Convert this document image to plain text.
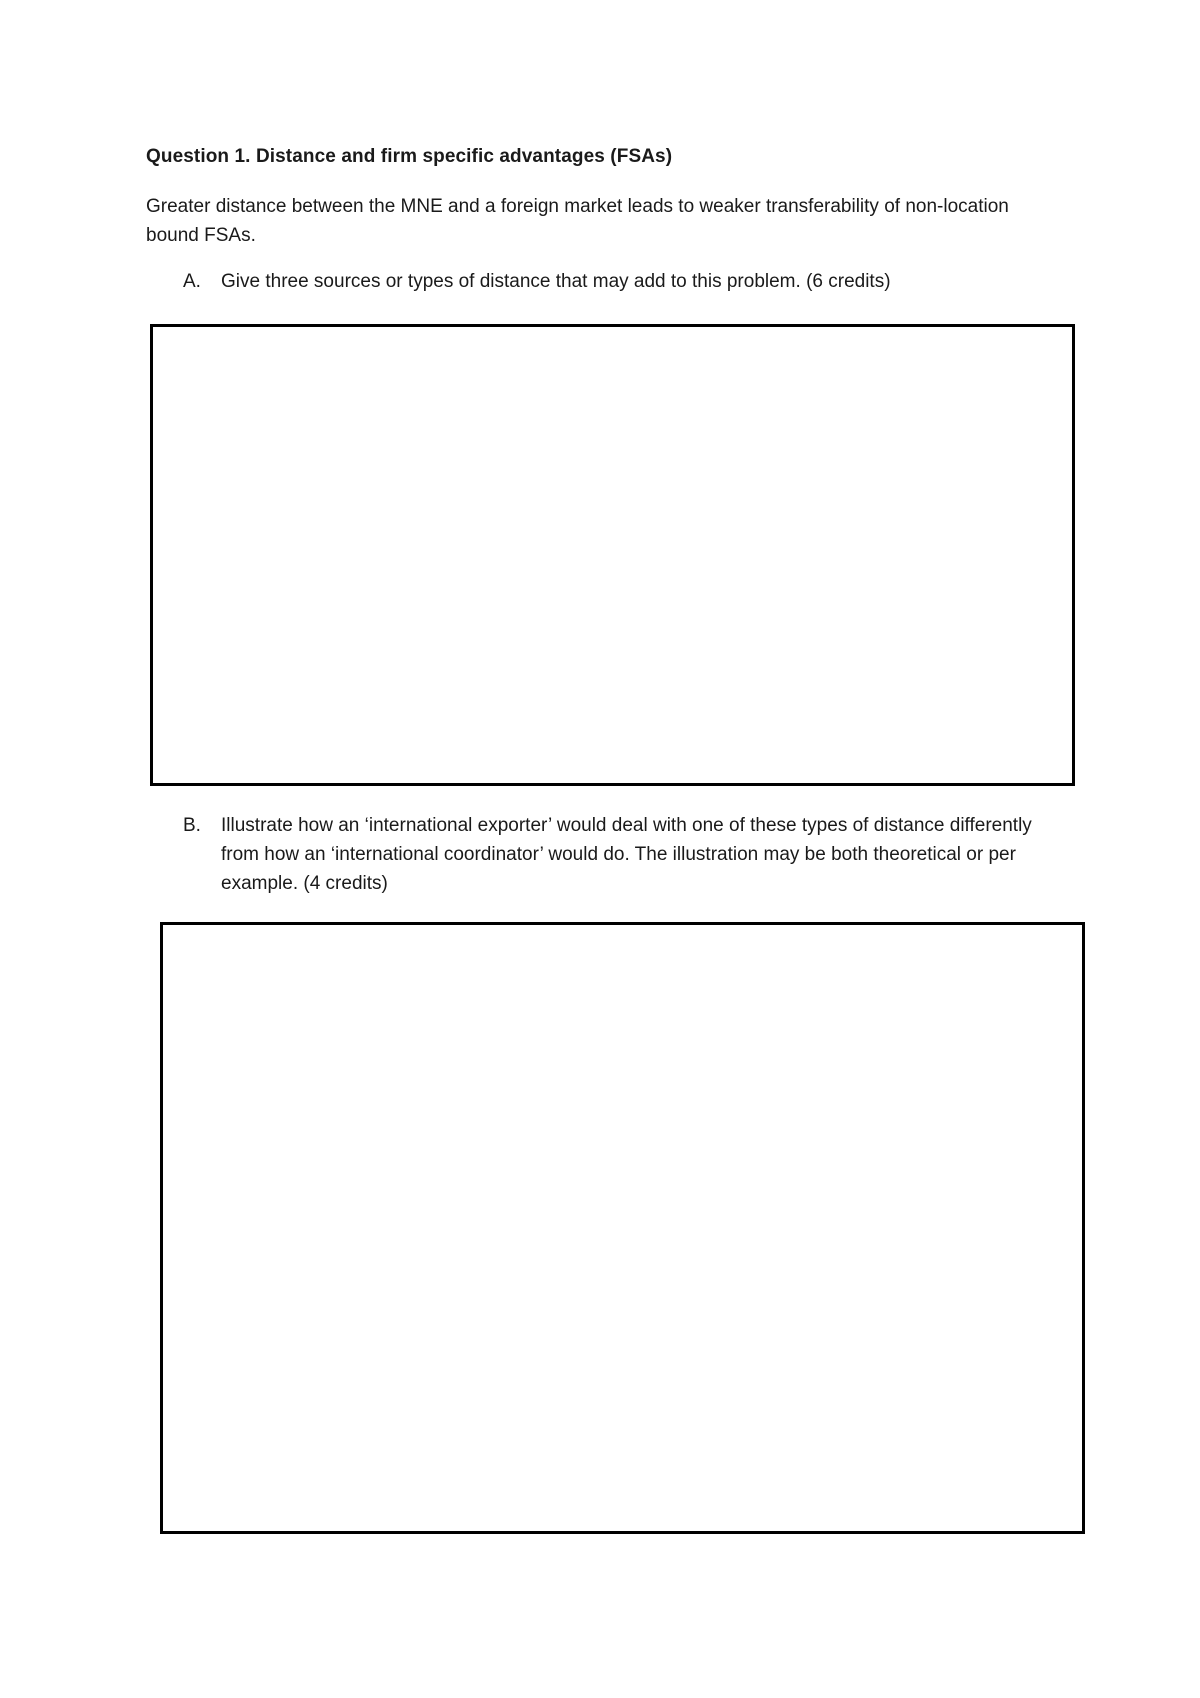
Question 1. Distance and firm specific advantages (FSAs)
Greater distance between the MNE and a foreign market leads to weaker transferability of non-location bound FSAs.
A. Give three sources or types of distance that may add to this problem. (6 credits)
B. Illustrate how an ‘international exporter’ would deal with one of these types of distance differently from how an ‘international coordinator’ would do. The illustration may be both theoretical or per example. (4 credits)
